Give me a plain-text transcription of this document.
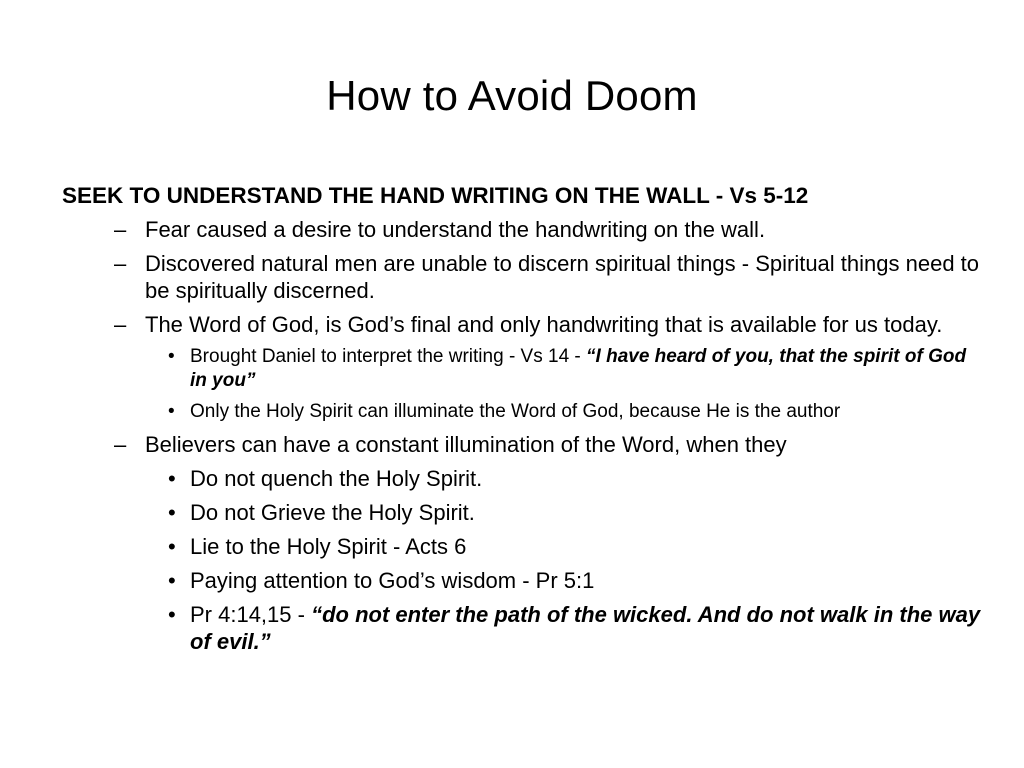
How to Avoid Doom
SEEK TO UNDERSTAND THE HAND WRITING ON THE WALL - Vs 5-12
– Fear caused a desire to understand the handwriting on the wall.
– Discovered natural men are unable to discern spiritual things - Spiritual things need to be spiritually discerned.
– The Word of God, is God’s final and only handwriting that is available for us today.
• Brought Daniel to interpret the writing - Vs 14 - “I have heard of you, that the spirit of God in you”
• Only the Holy Spirit can illuminate the Word of God, because He is the author
– Believers can have a constant illumination of the Word, when they
• Do not quench the Holy Spirit.
• Do not Grieve the Holy Spirit.
• Lie to the Holy Spirit - Acts 6
• Paying attention to God’s wisdom - Pr 5:1
• Pr 4:14,15 - “do not enter the path of the wicked. And do not walk in the way of evil.”
